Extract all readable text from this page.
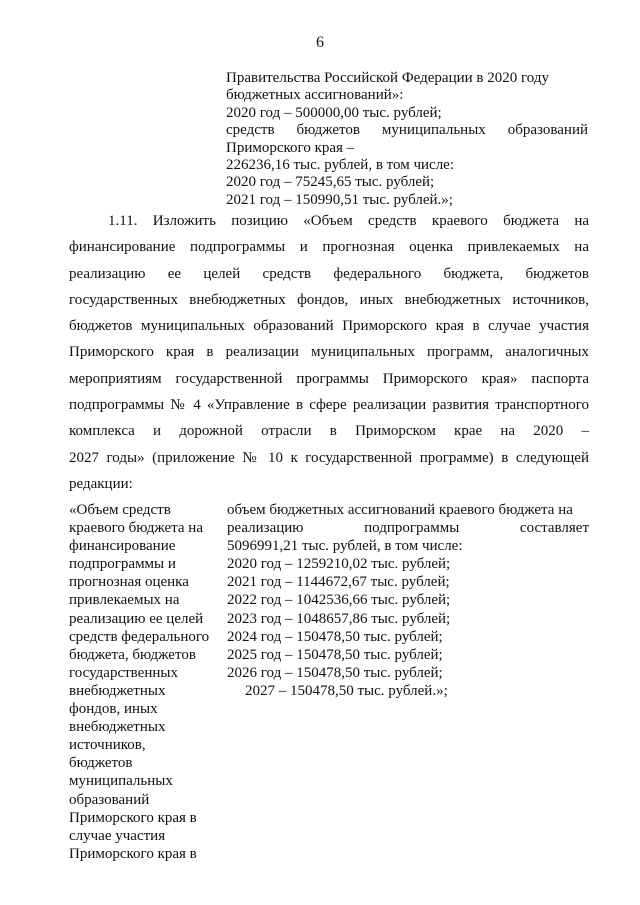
6
Правительства Российской Федерации в 2020 году
бюджетных ассигнований»:
2020 год – 500000,00 тыс. рублей;
средств бюджетов муниципальных образований
Приморского края –
226236,16 тыс. рублей, в том числе:
2020 год – 75245,65 тыс. рублей;
2021 год – 150990,51 тыс. рублей.»;
1.11. Изложить позицию «Объем средств краевого бюджета на
финансирование подпрограммы и прогнозная оценка привлекаемых на
реализацию ее целей средств федерального бюджета, бюджетов
государственных внебюджетных фондов, иных внебюджетных источников,
бюджетов муниципальных образований Приморского края в случае участия
Приморского края в реализации муниципальных программ, аналогичных
мероприятиям государственной программы Приморского края» паспорта
подпрограммы № 4 «Управление в сфере реализации развития транспортного
комплекса и дорожной отрасли в Приморском крае на 2020 –
2027 годы» (приложение № 10 к государственной программе) в следующей
редакции:
«Объем средств
краевого бюджета на
финансирование
подпрограммы и
прогнозная оценка
привлекаемых на
реализацию ее целей
средств федерального
бюджета, бюджетов
государственных
внебюджетных
фондов, иных
внебюджетных
источников,
бюджетов
муниципальных
образований
Приморского края в
случае участия
Приморского края в
объем бюджетных ассигнований краевого бюджета на
реализацию подпрограммы составляет
5096991,21 тыс. рублей, в том числе:
2020 год – 1259210,02 тыс. рублей;
2021 год – 1144672,67 тыс. рублей;
2022 год – 1042536,66 тыс. рублей;
2023 год – 1048657,86 тыс. рублей;
2024 год – 150478,50 тыс. рублей;
2025 год – 150478,50 тыс. рублей;
2026 год – 150478,50 тыс. рублей;
2027 – 150478,50 тыс. рублей.»;
